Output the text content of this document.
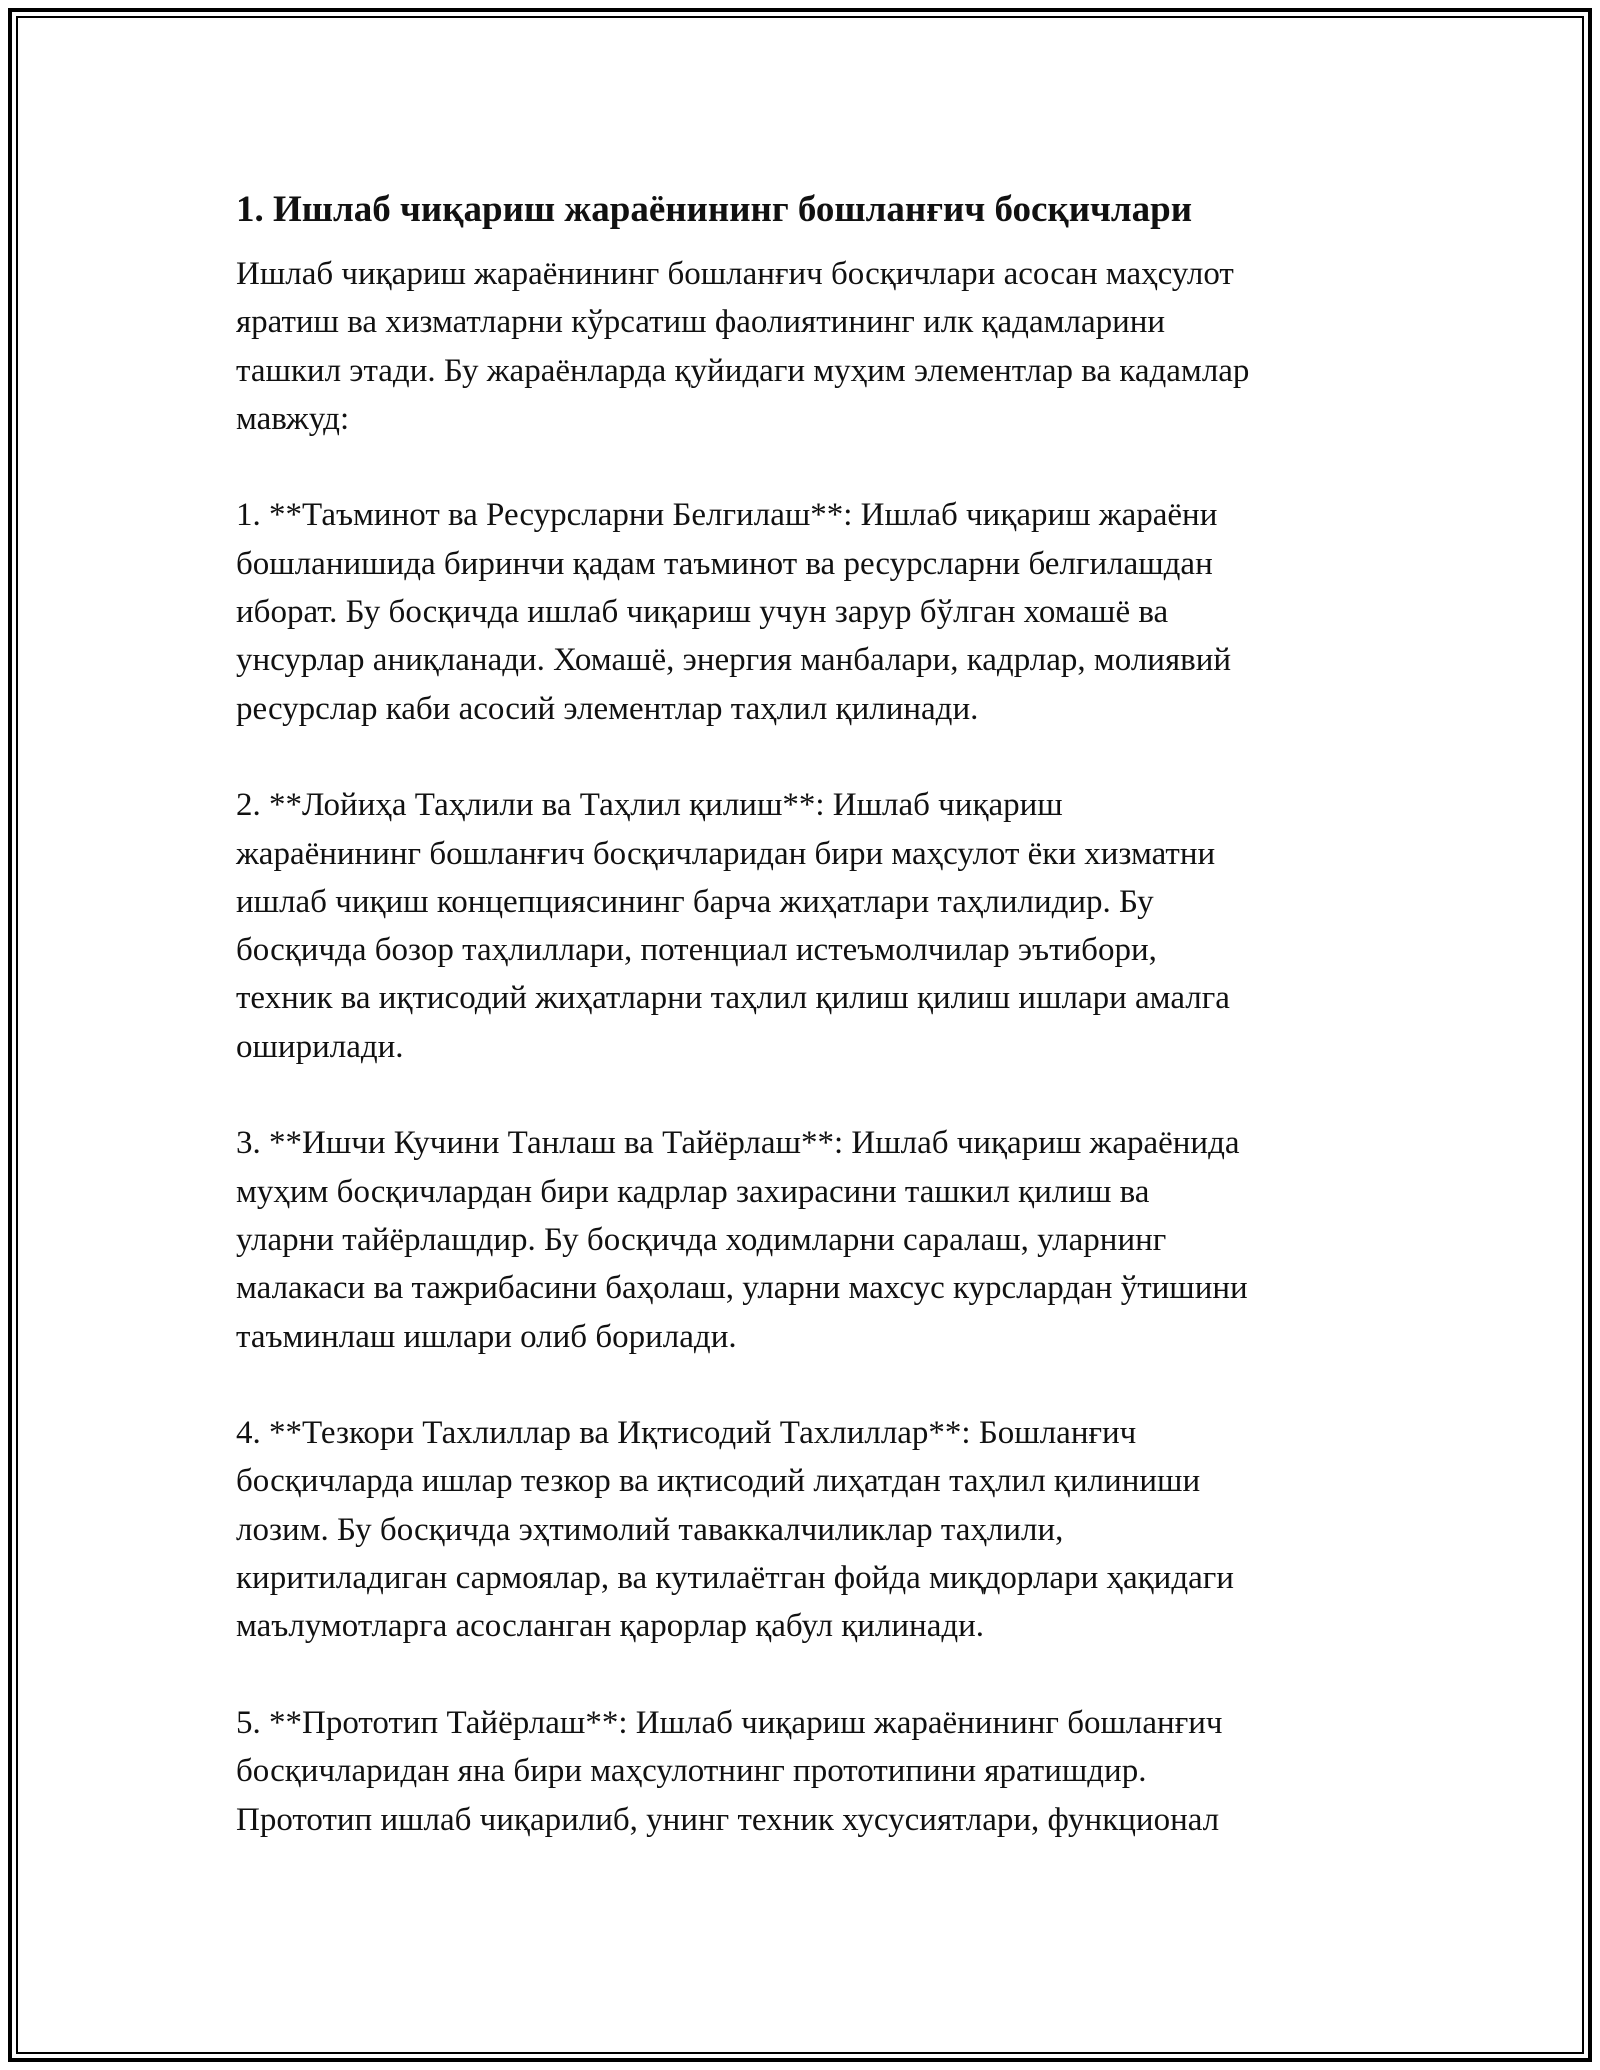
1. Ишлаб чиқариш жараёнининг бошланғич босқичлари
Ишлаб чиқариш жараёнининг бошланғич босқичлари асосан маҳсулот
яратиш ва хизматларни кўрсатиш фаолиятининг илк қадамларини
ташкил этади. Бу жараёнларда қуйидаги муҳим элементлар ва кадамлар
мавжуд:
1. **Таъминот ва Ресурсларни Белгилаш**: Ишлаб чиқариш жараёни
бошланишида биринчи қадам таъминот ва ресурсларни белгилашдан
иборат. Бу босқичда ишлаб чиқариш учун зарур бўлган хомашё ва
унсурлар аниқланади. Хомашё, энергия манбалари, кадрлар, молиявий
ресурслар каби асосий элементлар таҳлил қилинади.
2. **Лойиҳа Таҳлили ва Таҳлил қилиш**: Ишлаб чиқариш
жараёнининг бошланғич босқичларидан бири маҳсулот ёки хизматни
ишлаб чиқиш концепциясининг барча жиҳатлари таҳлилидир. Бу
босқичда бозор таҳлиллари, потенциал истеъмолчилар эътибори,
техник ва иқтисодий жиҳатларни таҳлил қилиш қилиш ишлари амалга
оширилади.
3. **Ишчи Кучини Танлаш ва Тайёрлаш**: Ишлаб чиқариш жараёнида
муҳим босқичлардан бири кадрлар захирасини ташкил қилиш ва
уларни тайёрлашдир. Бу босқичда ходимларни саралаш, уларнинг
малакаси ва тажрибасини баҳолаш, уларни махсус курслардан ўтишини
таъминлаш ишлари олиб борилади.
4. **Тезкори Тахлиллар ва Иқтисодий Тахлиллар**: Бошланғич
босқичларда ишлар тезкор ва иқтисодий лиҳатдан таҳлил қилиниши
лозим. Бу босқичда эҳтимолий таваккалчиликлар таҳлили,
киритиладиган сармоялар, ва кутилаётган фойда миқдорлари ҳақидаги
маълумотларга асосланган қарорлар қабул қилинади.
5. **Прототип Тайёрлаш**: Ишлаб чиқариш жараёнининг бошланғич
босқичларидан яна бири маҳсулотнинг прототипини яратишдир.
Прототип ишлаб чиқарилиб, унинг техник хусусиятлари, функционал
